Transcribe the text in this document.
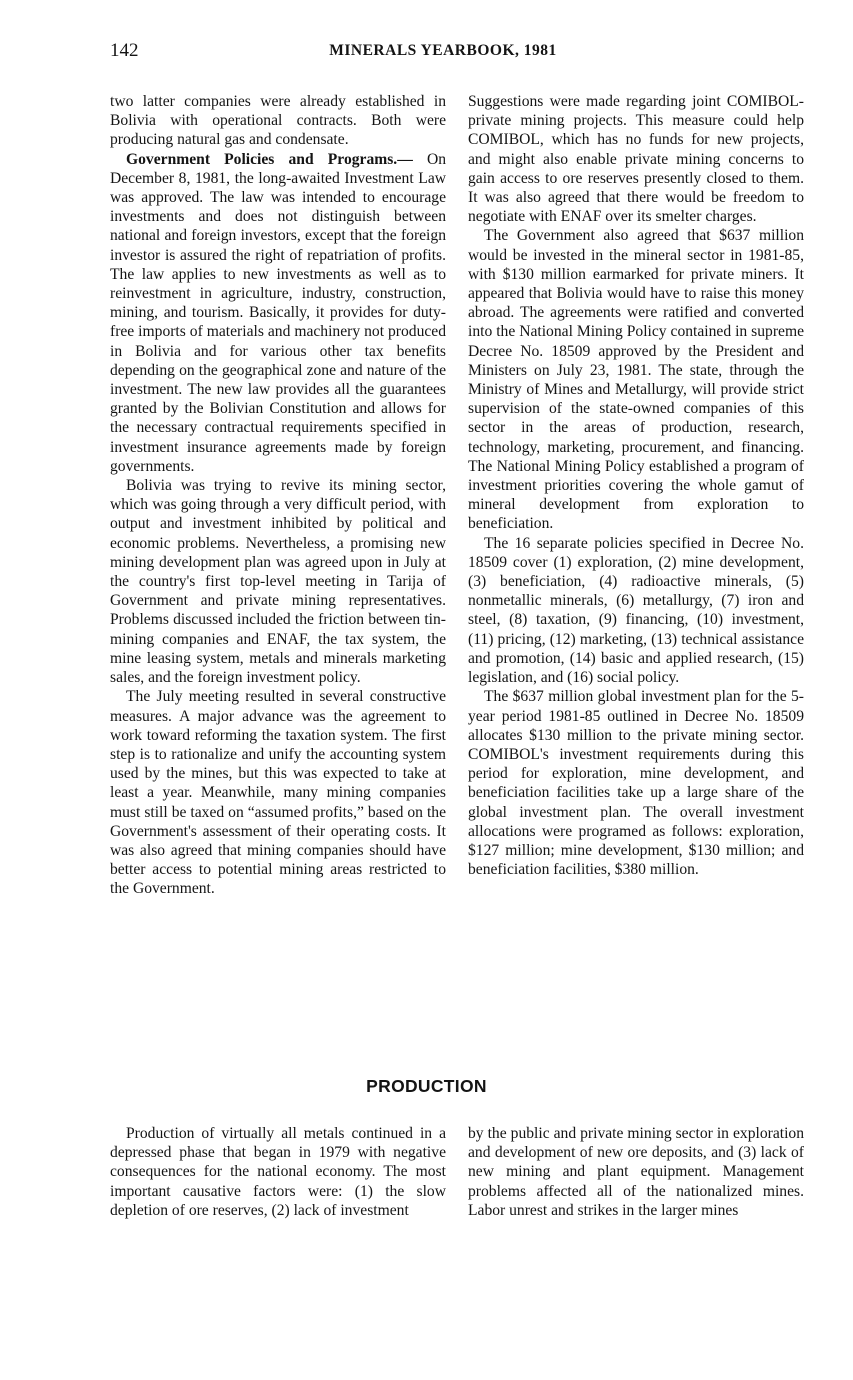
142	MINERALS YEARBOOK, 1981

two latter companies were already established in Bolivia with operational contracts. Both were producing natural gas and condensate.

Government Policies and Programs.— On December 8, 1981, the long-awaited Investment Law was approved. The law was intended to encourage investments and does not distinguish between national and foreign investors, except that the foreign investor is assured the right of repatriation of profits. The law applies to new investments as well as to reinvestment in agriculture, industry, construction, mining, and tourism. Basically, it provides for duty-free imports of materials and machinery not produced in Bolivia and for various other tax benefits depending on the geographical zone and nature of the investment. The new law provides all the guarantees granted by the Bolivian Constitution and allows for the necessary contractual requirements specified in investment insurance agreements made by foreign governments.

Bolivia was trying to revive its mining sector, which was going through a very difficult period, with output and investment inhibited by political and economic problems. Nevertheless, a promising new mining development plan was agreed upon in July at the country's first top-level meeting in Tarija of Government and private mining representatives. Problems discussed included the friction between tin-mining companies and ENAF, the tax system, the mine leasing system, metals and minerals marketing sales, and the foreign investment policy.

The July meeting resulted in several constructive measures. A major advance was the agreement to work toward reforming the taxation system. The first step is to rationalize and unify the accounting system used by the mines, but this was expected to take at least a year. Meanwhile, many mining companies must still be taxed on “assumed profits,” based on the Government's assessment of their operating costs. It was also agreed that mining companies should have better access to potential mining areas restricted to the Government.

Suggestions were made regarding joint COMIBOL-private mining projects. This measure could help COMIBOL, which has no funds for new projects, and might also enable private mining concerns to gain access to ore reserves presently closed to them. It was also agreed that there would be freedom to negotiate with ENAF over its smelter charges.

The Government also agreed that $637 million would be invested in the mineral sector in 1981-85, with $130 million earmarked for private miners. It appeared that Bolivia would have to raise this money abroad. The agreements were ratified and converted into the National Mining Policy contained in supreme Decree No. 18509 approved by the President and Ministers on July 23, 1981. The state, through the Ministry of Mines and Metallurgy, will provide strict supervision of the state-owned companies of this sector in the areas of production, research, technology, marketing, procurement, and financing. The National Mining Policy established a program of investment priorities covering the whole gamut of mineral development from exploration to beneficiation.

The 16 separate policies specified in Decree No. 18509 cover (1) exploration, (2) mine development, (3) beneficiation, (4) radioactive minerals, (5) nonmetallic minerals, (6) metallurgy, (7) iron and steel, (8) taxation, (9) financing, (10) investment, (11) pricing, (12) marketing, (13) technical assistance and promotion, (14) basic and applied research, (15) legislation, and (16) social policy.

The $637 million global investment plan for the 5-year period 1981-85 outlined in Decree No. 18509 allocates $130 million to the private mining sector. COMIBOL's investment requirements during this period for exploration, mine development, and beneficiation facilities take up a large share of the global investment plan. The overall investment allocations were programed as follows: exploration, $127 million; mine development, $130 million; and beneficiation facilities, $380 million.

PRODUCTION

Production of virtually all metals continued in a depressed phase that began in 1979 with negative consequences for the national economy. The most important causative factors were: (1) the slow depletion of ore reserves, (2) lack of investment

by the public and private mining sector in exploration and development of new ore deposits, and (3) lack of new mining and plant equipment. Management problems affected all of the nationalized mines. Labor unrest and strikes in the larger mines
